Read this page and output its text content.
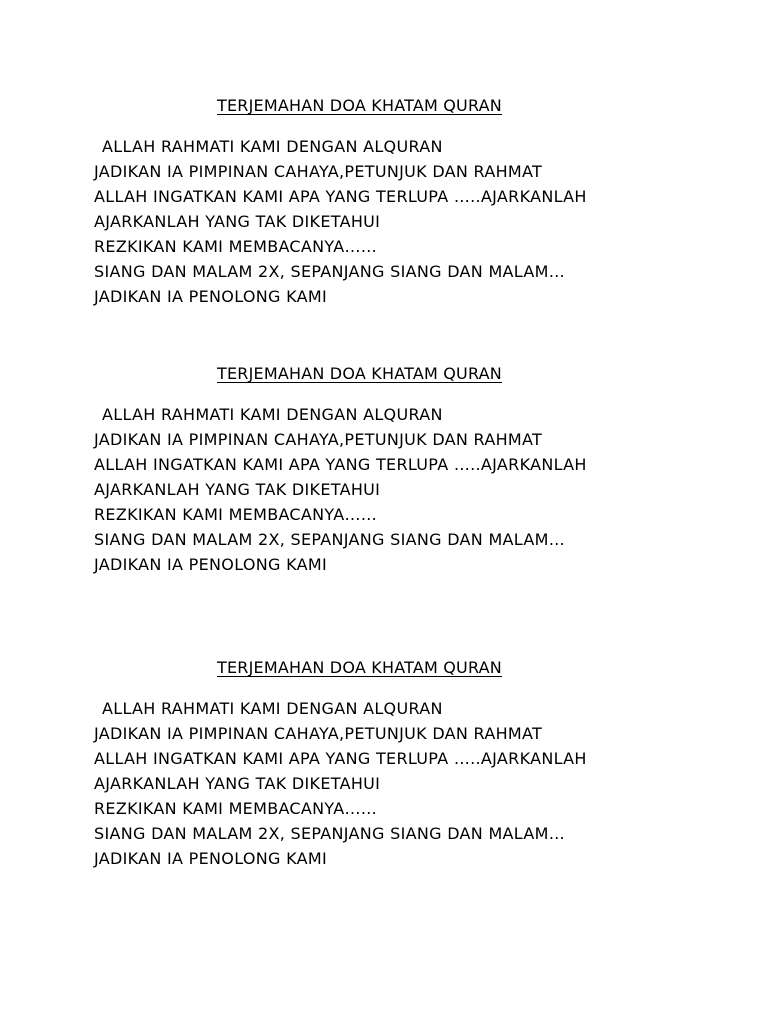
TERJEMAHAN DOA KHATAM QURAN
ALLAH RAHMATI KAMI DENGAN ALQURAN
JADIKAN IA PIMPINAN CAHAYA,PETUNJUK DAN RAHMAT
ALLAH INGATKAN KAMI APA YANG TERLUPA …..AJARKANLAH
AJARKANLAH YANG TAK DIKETAHUI
REZKIKAN KAMI MEMBACANYA……
SIANG DAN MALAM 2X, SEPANJANG SIANG DAN MALAM…
JADIKAN IA PENOLONG KAMI
TERJEMAHAN DOA KHATAM QURAN
ALLAH RAHMATI KAMI DENGAN ALQURAN
JADIKAN IA PIMPINAN CAHAYA,PETUNJUK DAN RAHMAT
ALLAH INGATKAN KAMI APA YANG TERLUPA …..AJARKANLAH
AJARKANLAH YANG TAK DIKETAHUI
REZKIKAN KAMI MEMBACANYA……
SIANG DAN MALAM 2X, SEPANJANG SIANG DAN MALAM…
JADIKAN IA PENOLONG KAMI
TERJEMAHAN DOA KHATAM QURAN
ALLAH RAHMATI KAMI DENGAN ALQURAN
JADIKAN IA PIMPINAN CAHAYA,PETUNJUK DAN RAHMAT
ALLAH INGATKAN KAMI APA YANG TERLUPA …..AJARKANLAH
AJARKANLAH YANG TAK DIKETAHUI
REZKIKAN KAMI MEMBACANYA……
SIANG DAN MALAM 2X, SEPANJANG SIANG DAN MALAM…
JADIKAN IA PENOLONG KAMI
